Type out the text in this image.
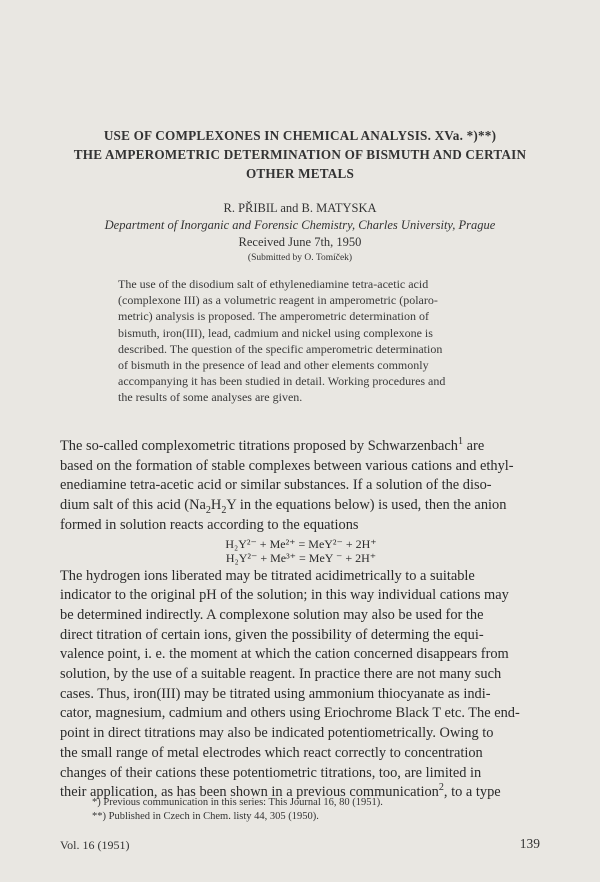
USE OF COMPLEXONES IN CHEMICAL ANALYSIS. XVa. *)**)
THE AMPEROMETRIC DETERMINATION OF BISMUTH AND CERTAIN
OTHER METALS
R. PŘIBIL and B. MATYSKA
Department of Inorganic and Forensic Chemistry, Charles University, Prague
Received June 7th, 1950
(Submitted by O. Tomíček)
The use of the disodium salt of ethylenediamine tetra-acetic acid
(complexone III) as a volumetric reagent in amperometric (polaro-
metric) analysis is proposed. The amperometric determination of
bismuth, iron(III), lead, cadmium and nickel using complexone is
described. The question of the specific amperometric determination
of bismuth in the presence of lead and other elements commonly
accompanying it has been studied in detail. Working procedures and
the results of some analyses are given.
The so-called complexometric titrations proposed by Schwarzenbach$^1$ are
based on the formation of stable complexes between various cations and ethyl-
enediamine tetra-acetic acid or similar substances. If a solution of the diso-
dium salt of this acid ($Na_2H_2Y$ in the equations below) is used, then the anion
formed in solution reacts according to the equations
H₂Y²⁻ + Me²⁺ = MeY²⁻ + 2H⁺
H₂Y²⁻ + Me³⁺ = MeY ⁻ + 2H⁺
The hydrogen ions liberated may be titrated acidimetrically to a suitable
indicator to the original pH of the solution; in this way individual cations may
be determined indirectly. A complexone solution may also be used for the
direct titration of certain ions, given the possibility of determing the equi-
valence point, i. e. the moment at which the cation concerned disappears from
solution, by the use of a suitable reagent. In practice there are not many such
cases. Thus, iron(III) may be titrated using ammonium thiocyanate as indi-
cator, magnesium, cadmium and others using Eriochrome Black T etc. The end-
point in direct titrations may also be indicated potentiometrically. Owing to
the small range of metal electrodes which react correctly to concentration
changes of their cations these potentiometric titrations, too, are limited in
their application, as has been shown in a previous communication$^2$, to a type
*) Previous communication in this series: This Journal 16, 80 (1951).
**) Published in Czech in Chem. listy 44, 305 (1950).
Vol. 16 (1951)	139
